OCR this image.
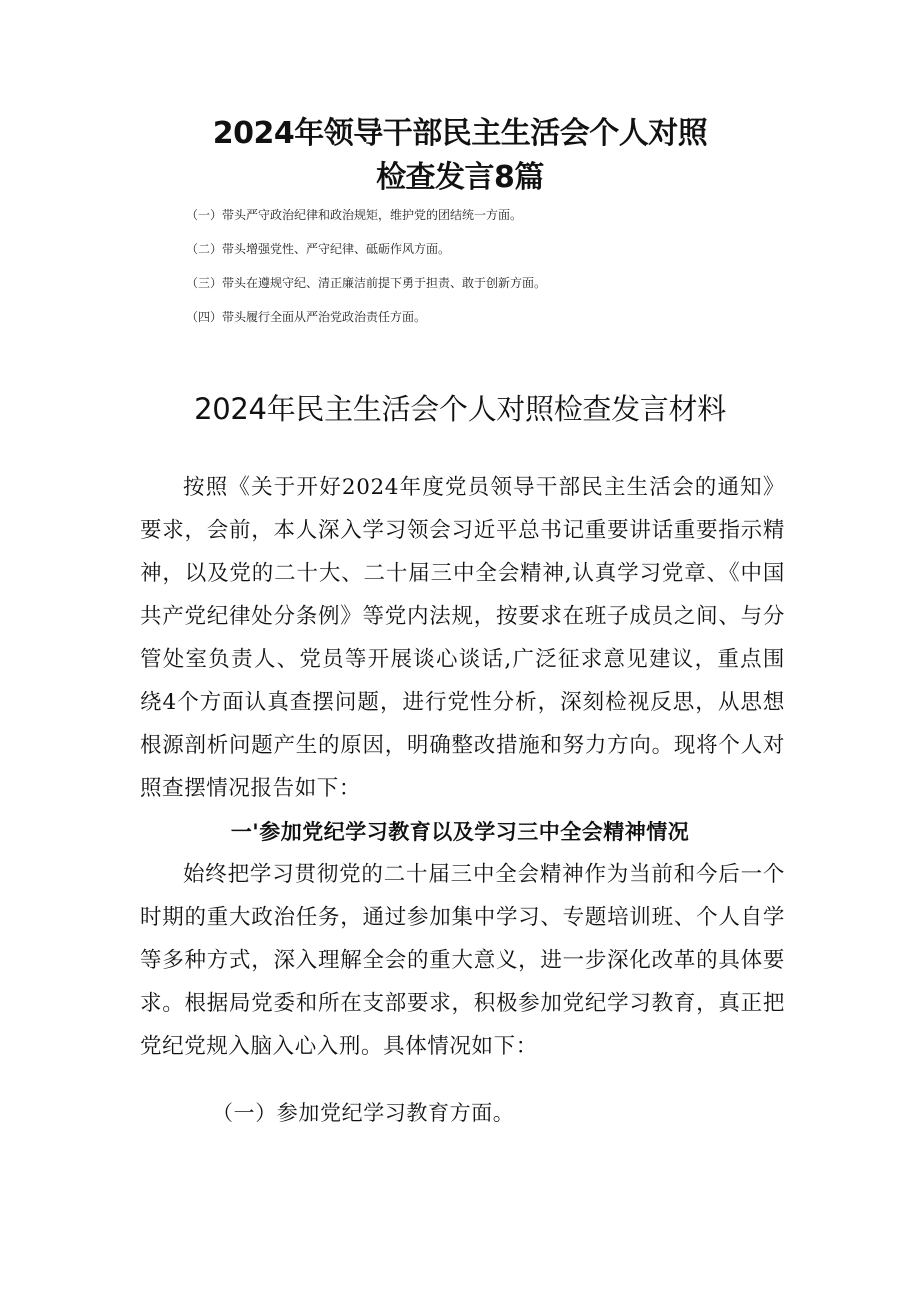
2024年领导干部民主生活会个人对照
检查发言8篇
（一）带头严守政治纪律和政治规矩，维护党的团结统一方面。
（二）带头增强党性、严守纪律、砥砺作风方面。
（三）带头在遵规守纪、清正廉洁前提下勇于担责、敢于创新方面。
（四）带头履行全面从严治党政治责任方面。
2024年民主生活会个人对照检查发言材料
按照《关于开好2024年度党员领导干部民主生活会的通知》要求，会前，本人深入学习领会习近平总书记重要讲话重要指示精神，以及党的二十大、二十届三中全会精神,认真学习党章、《中国共产党纪律处分条例》等党内法规，按要求在班子成员之间、与分管处室负责人、党员等开展谈心谈话,广泛征求意见建议，重点围绕4个方面认真查摆问题，进行党性分析，深刻检视反思，从思想根源剖析问题产生的原因，明确整改措施和努力方向。现将个人对照查摆情况报告如下：
一'参加党纪学习教育以及学习三中全会精神情况
始终把学习贯彻党的二十届三中全会精神作为当前和今后一个时期的重大政治任务，通过参加集中学习、专题培训班、个人自学等多种方式，深入理解全会的重大意义，进一步深化改革的具体要求。根据局党委和所在支部要求，积极参加党纪学习教育，真正把党纪党规入脑入心入刑。具体情况如下：
（一）参加党纪学习教育方面。
